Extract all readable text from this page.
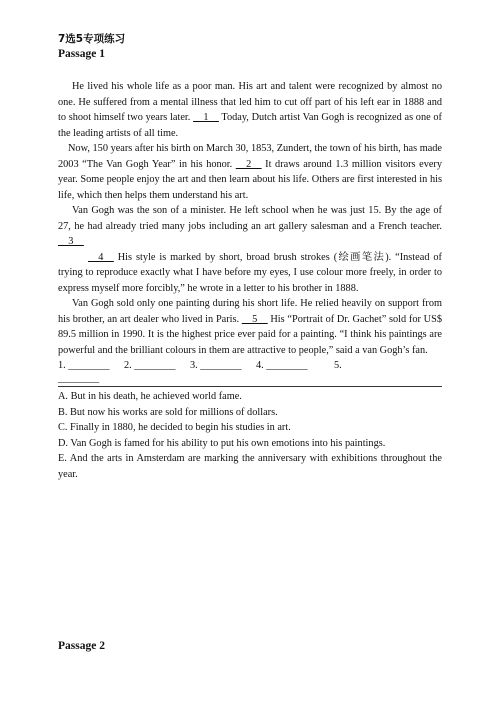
7选5专项练习

Passage 1

He lived his whole life as a poor man. His art and talent were recognized by almost no one. He suffered from a mental illness that led him to cut off part of his left ear in 1888 and to shoot himself two years later. __1__ Today, Dutch artist Van Gogh is recognized as one of the leading artists of all time.

Now, 150 years after his birth on March 30, 1853, Zundert, the town of his birth, has made 2003 “The Van Gogh Year” in his honor. __2__ It draws around 1.3 million visitors every year. Some people enjoy the art and then learn about his life. Others are first interested in his life, which then helps them understand his art.

Van Gogh was the son of a minister. He left school when he was just 15. By the age of 27, he had already tried many jobs including an art gallery salesman and a French teacher. __3__

__4__ His style is marked by short, broad brush strokes (绘画笔法). “Instead of trying to reproduce exactly what I have before my eyes, I use colour more freely, in order to express myself more forcibly,” he wrote in a letter to his brother in 1888.

Van Gogh sold only one painting during his short life. He relied heavily on support from his brother, an art dealer who lived in Paris. __5__ His “Portrait of Dr. Gachet” sold for US$ 89.5 million in 1990. It is the highest price ever paid for a painting. “I think his paintings are powerful and the brilliant colours in them are attractive to people,” said a van Gogh’s fan.

1. ________ 2. ________ 3. ________ 4. ________	5.

________

A. But in his death, he achieved world fame.

B. But now his works are sold for millions of dollars.

C. Finally in 1880, he decided to begin his studies in art.

D. Van Gogh is famed for his ability to put his own emotions into his paintings.

E. And the arts in Amsterdam are marking the anniversary with exhibitions throughout the year.

Passage 2
